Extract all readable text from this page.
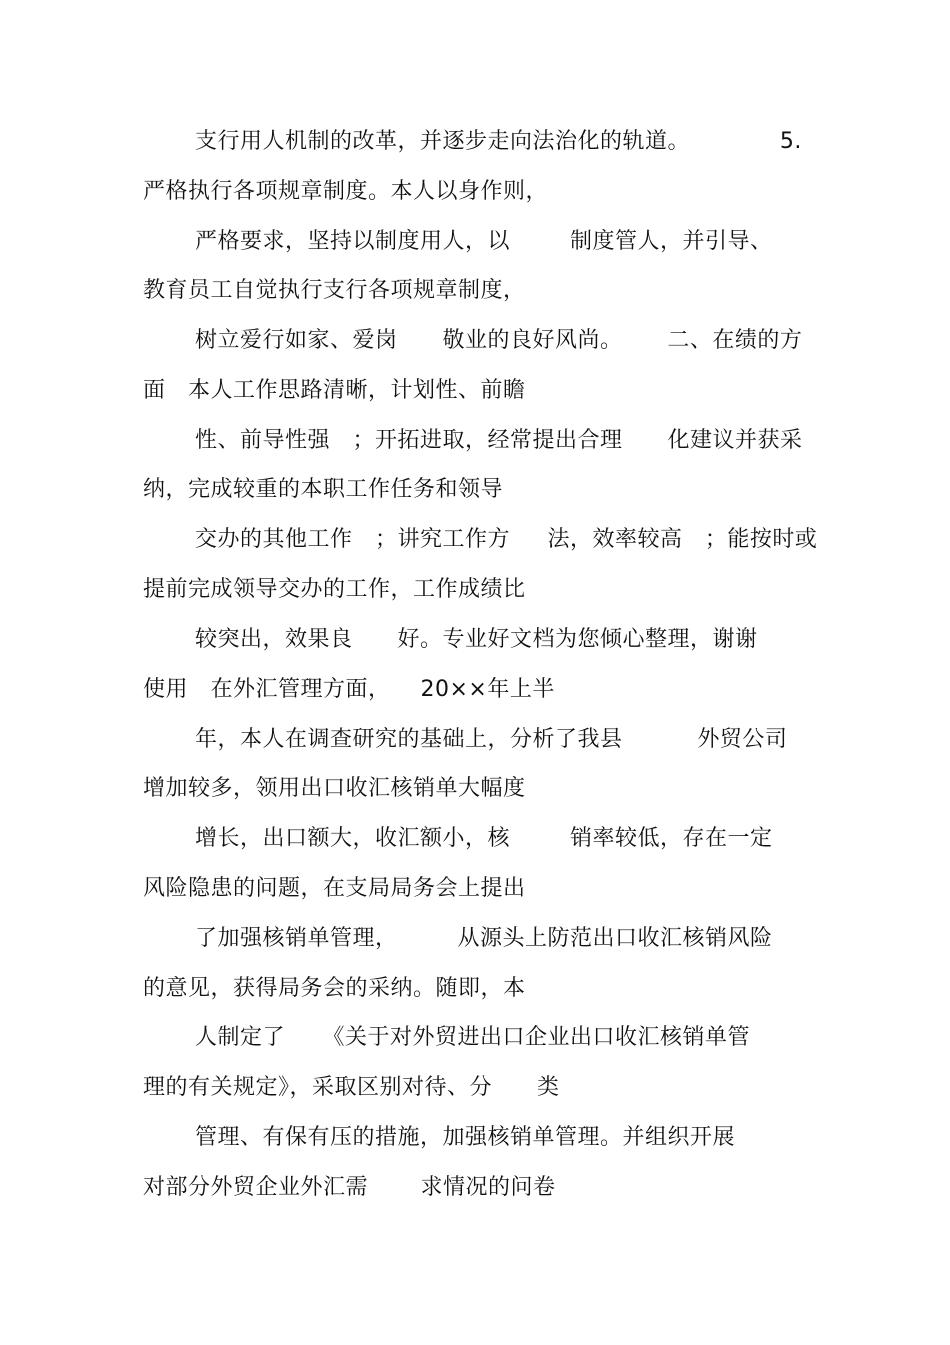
支行用人机制的改革，并逐步走向法治化的轨道。            5.
严格执行各项规章制度。本人以身作则，
严格要求，坚持以制度用人，以        制度管人，并引导、
教育员工自觉执行支行各项规章制度，
树立爱行如家、爱岗      敬业的良好风尚。      二、在绩的方
面   本人工作思路清晰，计划性、前瞻
性、前导性强   ；开拓进取，经常提出合理      化建议并获采
纳，完成较重的本职工作任务和领导
交办的其他工作   ；讲究工作方     法，效率较高   ；能按时或
提前完成领导交办的工作，工作成绩比
较突出，效果良      好。专业好文档为您倾心整理，谢谢
使用   在外汇管理方面，    20××年上半
年，本人在调查研究的基础上，分析了我县          外贸公司
增加较多，领用出口收汇核销单大幅度
增长，出口额大，收汇额小，核        销率较低，存在一定
风险隐患的问题，在支局局务会上提出
了加强核销单管理，        从源头上防范出口收汇核销风险
的意见，获得局务会的采纳。随即，本
人制定了     《关于对外贸进出口企业出口收汇核销单管
理的有关规定》，采取区别对待、分      类
管理、有保有压的措施，加强核销单管理。并组织开展
对部分外贸企业外汇需       求情况的问卷
